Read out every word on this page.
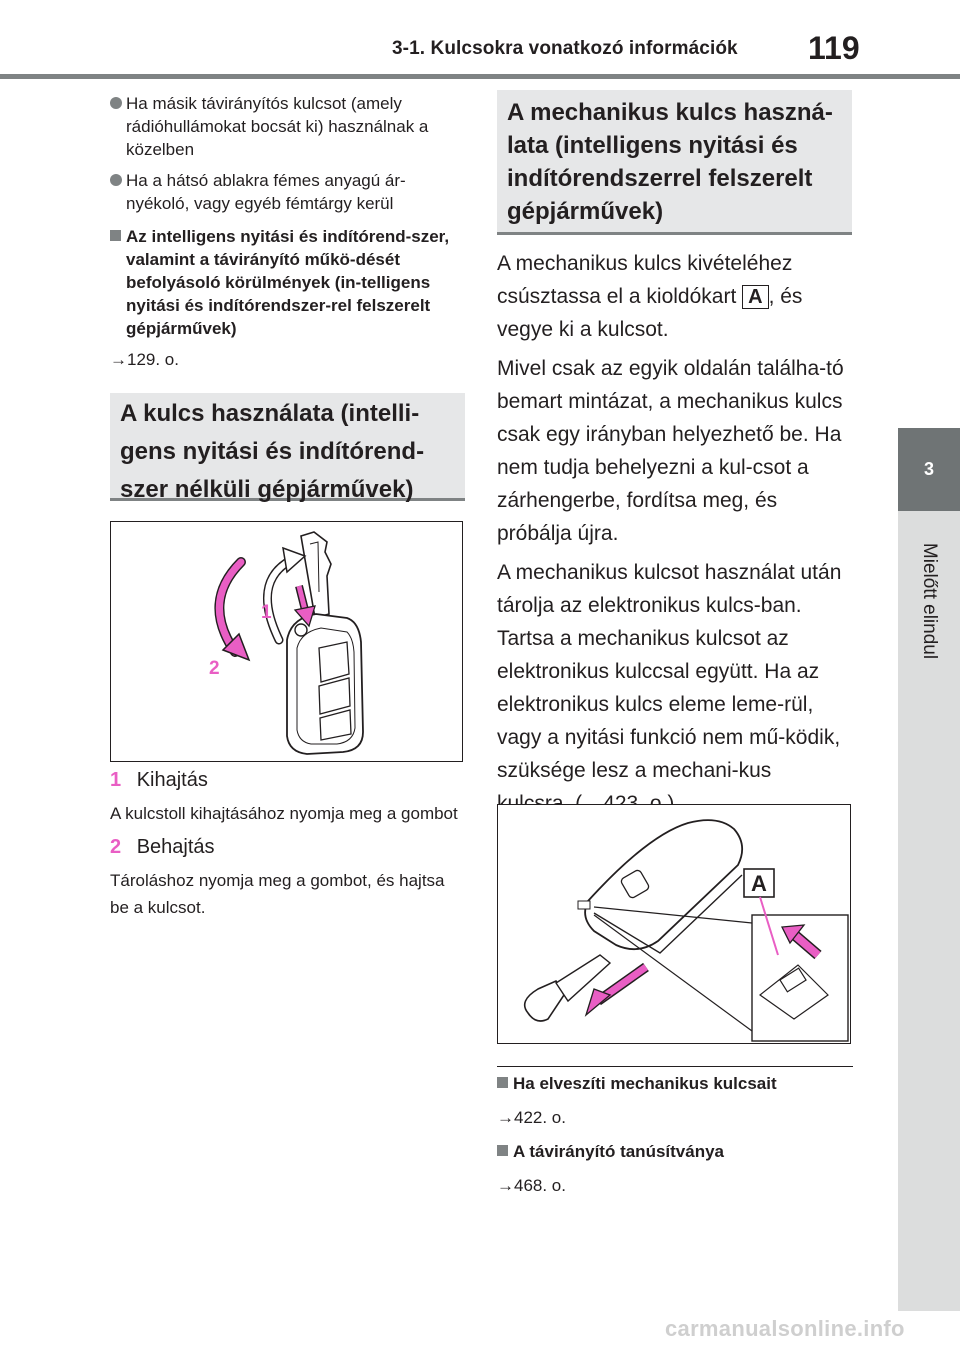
3-1. Kulcsokra vonatkozó információk 119
3
Mielőtt elindul
Ha másik távirányítós kulcsot (amely rádióhullámokat bocsát ki) használnak a közelben
Ha a hátsó ablakra fémes anyagú ár-nyékoló, vagy egyéb fémtárgy kerül
Az intelligens nyitási és indítórend-szer, valamint a távirányító műkö-dését befolyásoló körülmények (in-telligens nyitási és indítórendszer-rel felszerelt gépjárművek)
→129. o.
A kulcs használata (intelli-gens nyitási és indítórend-szer nélküli gépjárművek)
1
2
1 Kihajtás
A kulcstoll kihajtásához nyomja meg a gombot
2 Behajtás
Tároláshoz nyomja meg a gombot, és hajtsa be a kulcsot.
A mechanikus kulcs haszná-lata (intelligens nyitási és indítórendszerrel felszerelt gépjárművek)
A mechanikus kulcs kivételéhez csúsztassa el a kioldókart A , és vegye ki a kulcsot.
Mivel csak az egyik oldalán találha-tó bemart mintázat, a mechanikus kulcs csak egy irányban helyezhető be. Ha nem tudja behelyezni a kul-csot a zárhengerbe, fordítsa meg, és próbálja újra.
A mechanikus kulcsot használat után tárolja az elektronikus kulcs-ban. Tartsa a mechanikus kulcsot az elektronikus kulccsal együtt. Ha az elektronikus kulcs eleme leme-rül, vagy a nyitási funkció nem mű-ködik, szüksége lesz a mechani-kus
A
Ha elveszíti mechanikus kulcsait
→422. o.
A távirányító tanúsítványa
→468. o.
carmanualsonline.info
